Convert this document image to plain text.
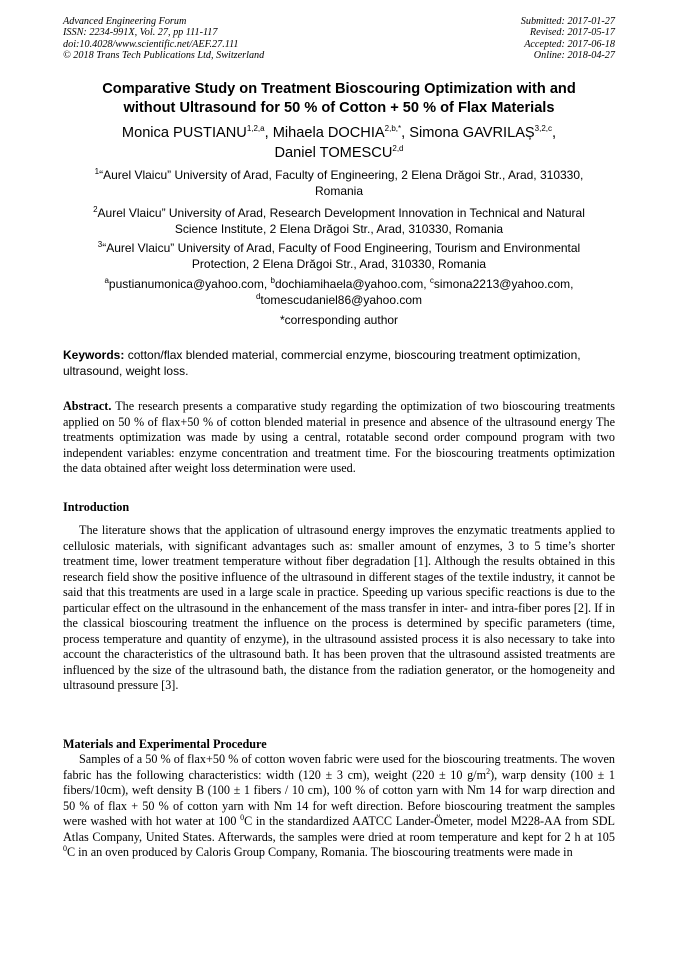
Advanced Engineering Forum
ISSN: 2234-991X, Vol. 27, pp 111-117
doi:10.4028/www.scientific.net/AEF.27.111
© 2018 Trans Tech Publications Ltd, Switzerland
Submitted: 2017-01-27
Revised: 2017-05-17
Accepted: 2017-06-18
Online: 2018-04-27
Comparative Study on Treatment Bioscouring Optimization with and
without Ultrasound for 50 % of Cotton + 50 % of Flax Materials
Monica PUSTIANU$^{1,2,a}$, Mihaela $DOCHIA^{2,b,*}$, Simona GAVRILAȘ$^{3,2,c}$,
Daniel TOMESCU$^{2,d}$
$^1$“Aurel Vlaicu” University of Arad, Faculty of Engineering, 2 Elena Drăgoi Str., Arad, 310330,
Romania
$^2$Aurel Vlaicu” University of Arad, Research Development Innovation in Technical and Natural
Science Institute, 2 Elena Drăgoi Str., Arad, 310330, Romania
$^3$“Aurel Vlaicu” University of Arad, Faculty of Food Engineering, Tourism and Environmental
Protection, 2 Elena Drăgoi Str., Arad, 310330, Romania
$^a$pustianumonica@yahoo.com, $^b$dochiamihaela@yahoo.com, $^c$simona2213@yahoo.com,
$^d$tomescudaniel86@yahoo.com
*corresponding author
Keywords: cotton/flax blended material, commercial enzyme, bioscouring treatment optimization, ultrasound, weight loss.
Abstract. The research presents a comparative study regarding the optimization of two bioscouring treatments applied on 50 % of flax+50 % of cotton blended material in presence and absence of the ultrasound energy The treatments optimization was made by using a central, rotatable second order compound program with two independent variables: enzyme concentration and treatment time. For the bioscouring treatments optimization the data obtained after weight loss determination were used.
Introduction
The literature shows that the application of ultrasound energy improves the enzymatic treatments applied to cellulosic materials, with significant advantages such as: smaller amount of enzymes, 3 to 5 time’s shorter treatment time, lower treatment temperature without fiber degradation [1]. Although the results obtained in this research field show the positive influence of the ultrasound in different stages of the textile industry, it cannot be said that this treatments are used in a large scale in practice. Speeding up various specific reactions is due to the particular effect on the ultrasound in the enhancement of the mass transfer in inter- and intra-fiber pores [2]. If in the classical bioscouring treatment the influence on the process is determined by specific parameters (time, process temperature and quantity of enzyme), in the ultrasound assisted process it is also necessary to take into account the characteristics of the ultrasound bath. It has been proven that the ultrasound assisted treatments are influenced by the size of the ultrasound bath, the distance from the radiation generator, or the homogeneity and ultrasound pressure [3].
Materials and Experimental Procedure
Samples of a 50 % of flax+50 % of cotton woven fabric were used for the bioscouring treatments. The woven fabric has the following characteristics: width (120 ± 3 cm), weight (220 ± 10 $g/m^2$), warp density (100 ± 1 fibers/10cm), weft density B (100 ± 1 fibers / 10 cm), 100 % of cotton yarn with Nm 14 for warp direction and 50 % of flax + 50 % of cotton yarn with Nm 14 for weft direction. Before bioscouring treatment the samples were washed with hot water at 100 $^0$C in the standardized AATCC Lander-Ömeter, model M228-AA from SDL Atlas Company, United States. Afterwards, the samples were dried at room temperature and kept for 2 h at 105 $^0$C in an oven produced by Caloris Group Company, Romania. The bioscouring treatments were made in
